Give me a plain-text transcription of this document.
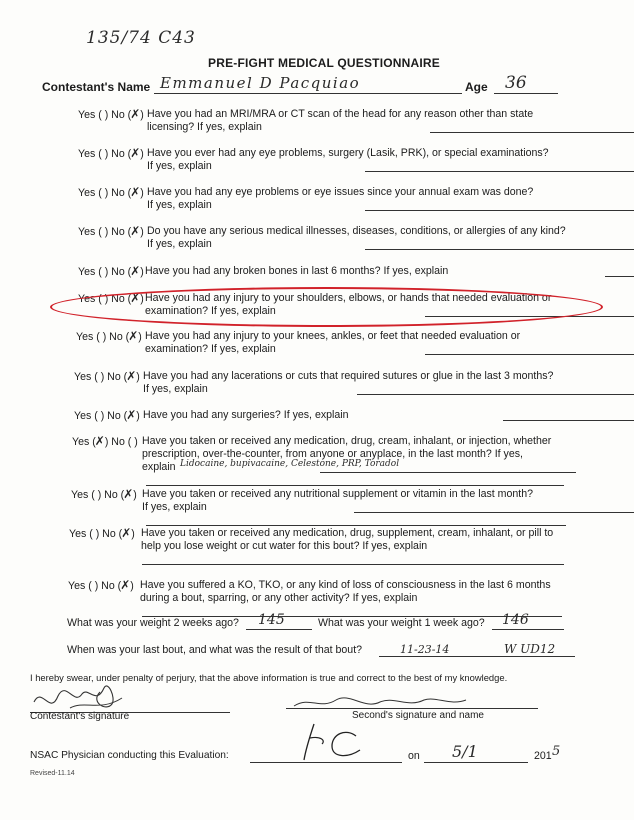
135/74 C43
PRE-FIGHT MEDICAL QUESTIONNAIRE
Contestant's Name Emmanuel D Pacquiao	Age 36
Yes ( ) No (✗) Have you had an MRI/MRA or CT scan of the head for any reason other than state
licensing? If yes, explain
Yes ( ) No (✗) Have you ever had any eye problems, surgery (Lasik, PRK), or special examinations?
If yes, explain
Yes ( ) No (✗) Have you had any eye problems or eye issues since your annual exam was done?
If yes, explain
Yes ( ) No (✗) Do you have any serious medical illnesses, diseases, conditions, or allergies of any kind?
If yes, explain
Yes ( ) No (✗) Have you had any broken bones in last 6 months? If yes, explain
Yes ( ) No (✗) Have you had any injury to your shoulders, elbows, or hands that needed evaluation or
examination? If yes, explain
Yes ( ) No (✗) Have you had any injury to your knees, ankles, or feet that needed evaluation or
examination? If yes, explain
Yes ( ) No (✗) Have you had any lacerations or cuts that required sutures or glue in the last 3 months?
If yes, explain
Yes ( ) No (✗) Have you had any surgeries? If yes, explain
Yes (✗) No ( ) Have you taken or received any medication, drug, cream, inhalant, or injection, whether
prescription, over-the-counter, from anyone or anyplace, in the last month? If yes,
explain Lidocaine, bupivacaine, Celestone, PRP, Toradol
Yes ( ) No (✗) Have you taken or received any nutritional supplement or vitamin in the last month?
If yes, explain
Yes ( ) No (✗) Have you taken or received any medication, drug, supplement, cream, inhalant, or pill to
help you lose weight or cut water for this bout? If yes, explain
Yes ( ) No (✗) Have you suffered a KO, TKO, or any kind of loss of consciousness in the last 6 months
during a bout, sparring, or any other activity? If yes, explain
What was your weight 2 weeks ago? 145	What was your weight 1 week ago? 146
When was your last bout, and what was the result of that bout?	11-23-14	W UD12
I hereby swear, under penalty of perjury, that the above information is true and correct to the best of my knowledge.
Contestant's signature	Second's signature and name
NSAC Physician conducting this Evaluation:	on 5/1	201 5
Revised-11.14
